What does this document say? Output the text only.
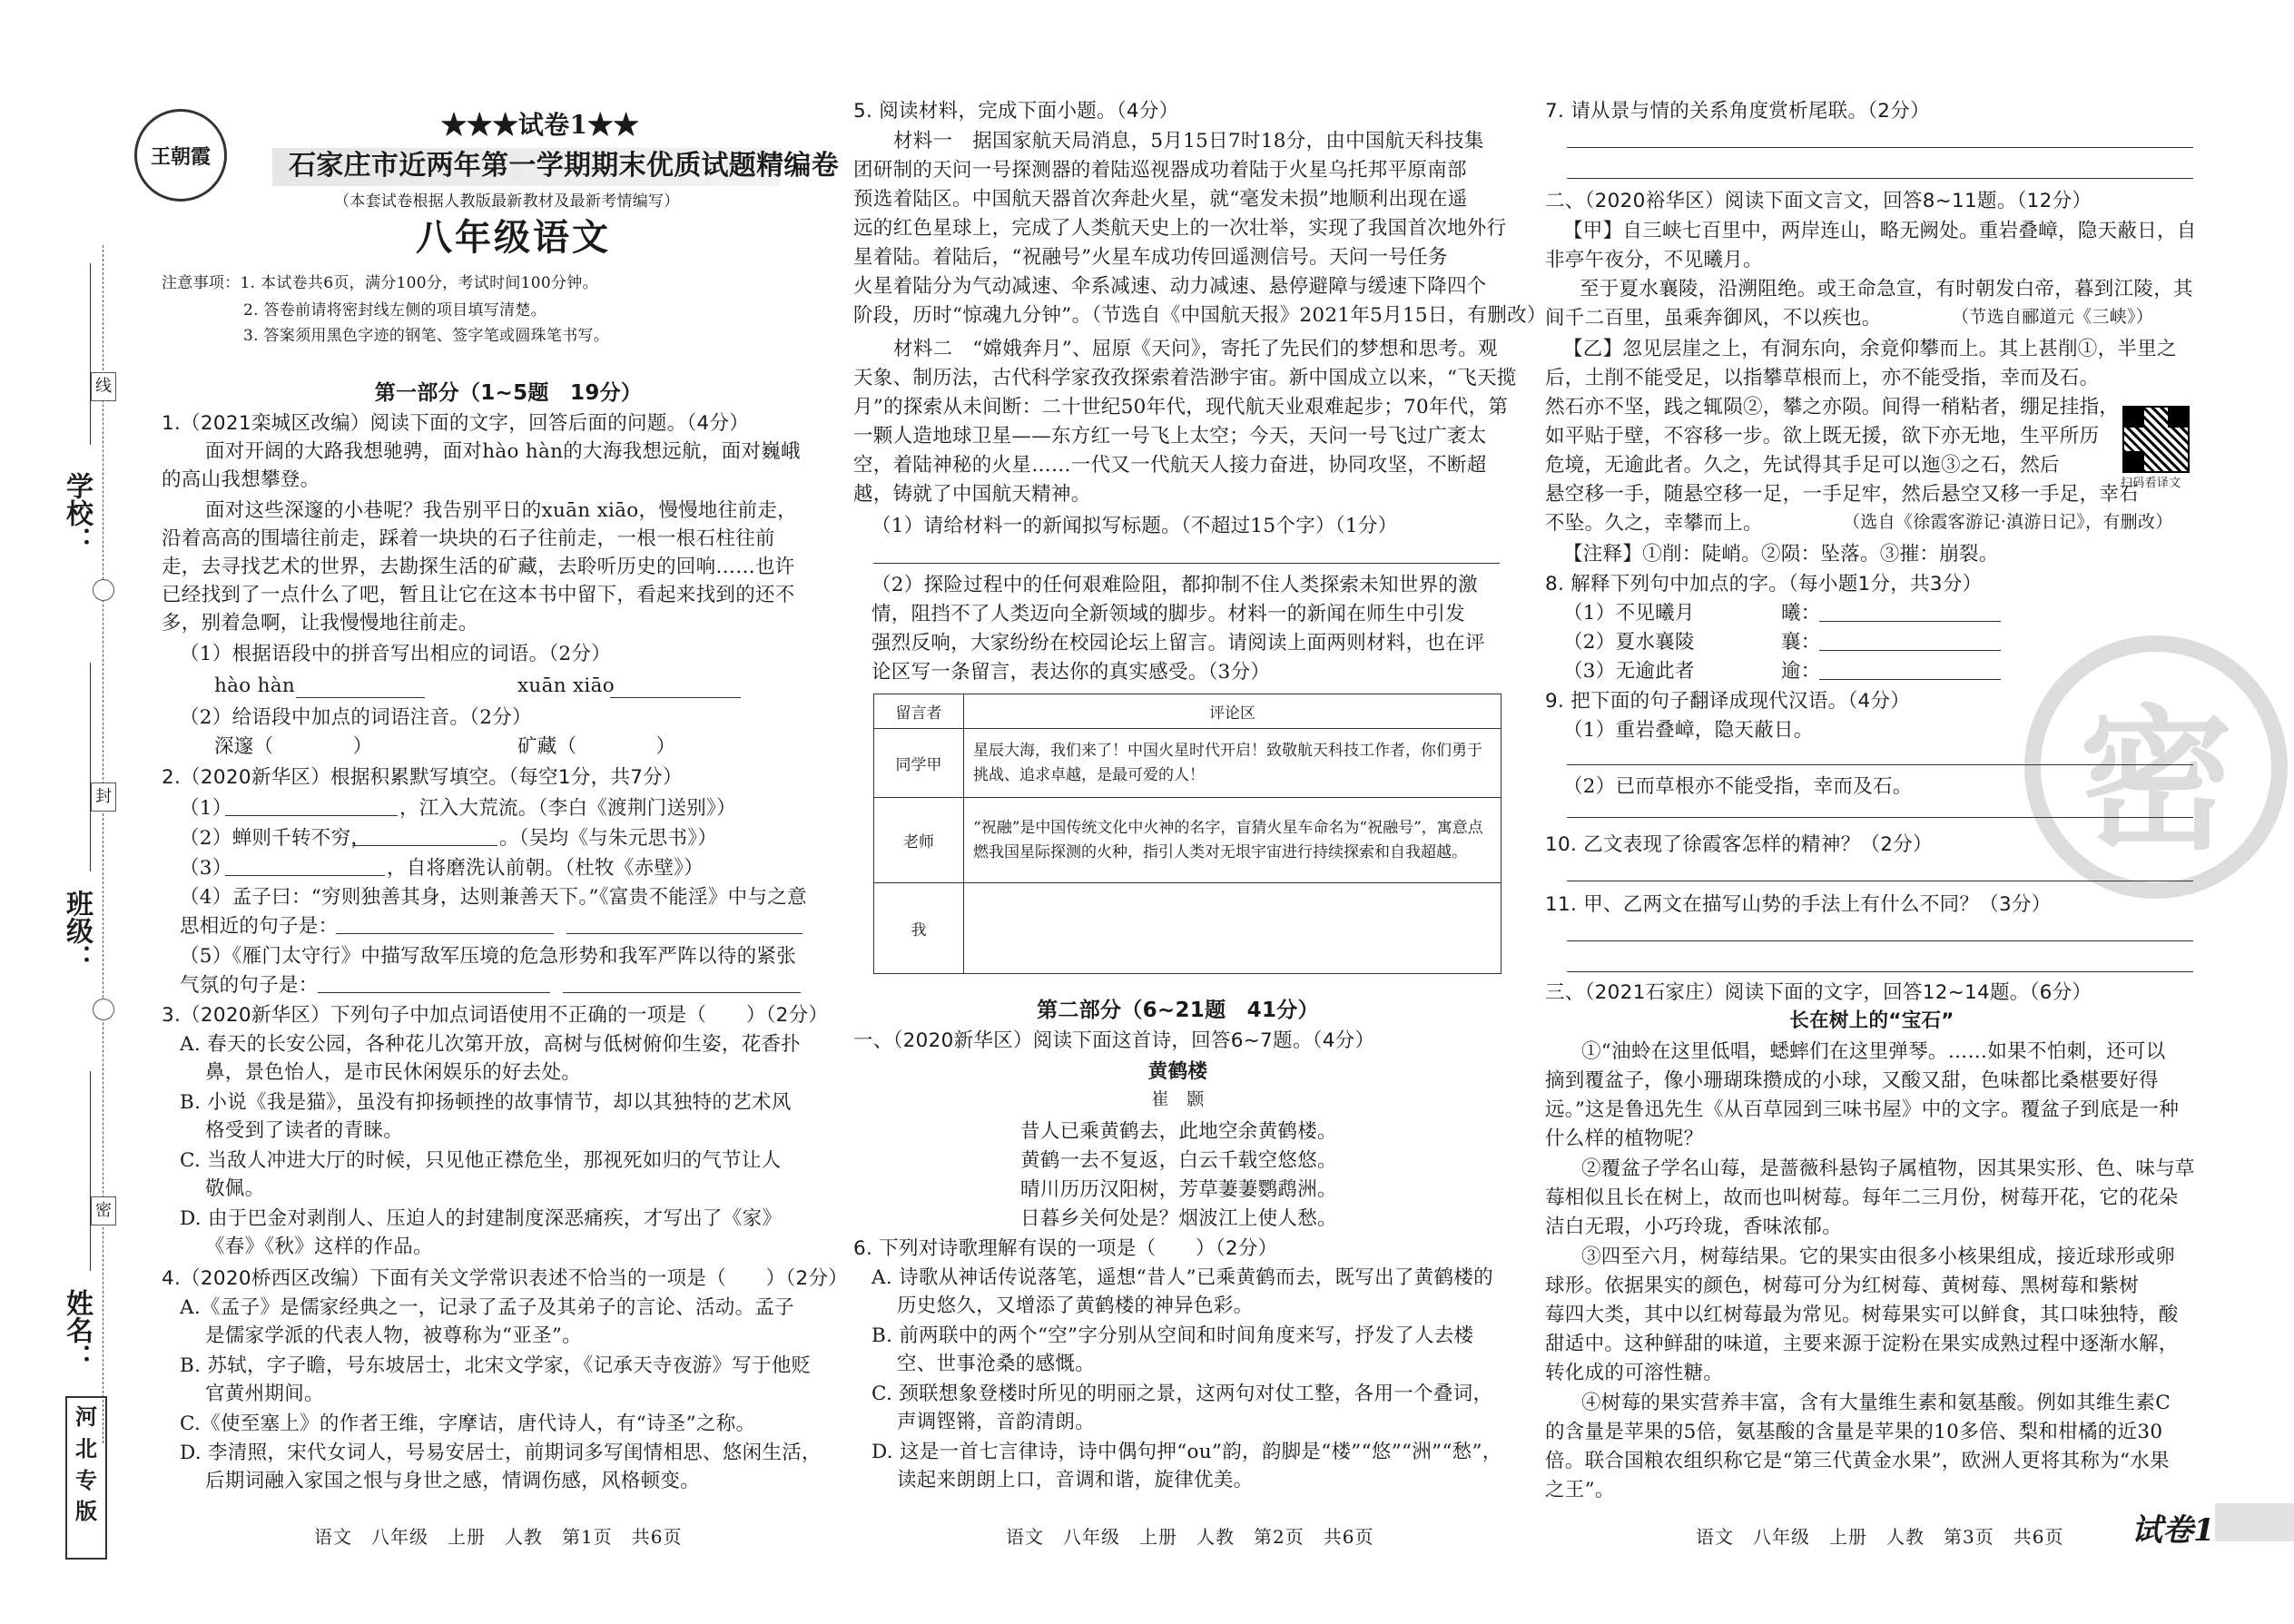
线
封
密
学校：
班级：
姓名：
河
北
专
版
王朝霞
★★★试卷1★★
石家庄市近两年第一学期期末优质试题精编卷
（本套试卷根据人教版最新教材及最新考情编写）
八年级语文
注意事项：1. 本试卷共6页，满分100分，考试时间100分钟。
2. 答卷前请将密封线左侧的项目填写清楚。
3. 答案须用黑色字迹的钢笔、签字笔或圆珠笔书写。
第一部分（1~5题　19分）
1.（2021栾城区改编）阅读下面的文字，回答后面的问题。（4分）
面对开阔的大路我想驰骋，面对hào hàn的大海我想远航，面对巍峨
的高山我想攀登。
面对这些深邃的小巷呢？我告别平日的xuān xiāo，慢慢地往前走，
沿着高高的围墙往前走，踩着一块块的石子往前走，一根一根石柱往前
走，去寻找艺术的世界，去勘探生活的矿藏，去聆听历史的回响……也许
已经找到了一点什么了吧，暂且让它在这本书中留下，看起来找到的还不
多，别着急啊，让我慢慢地往前走。
（1）根据语段中的拼音写出相应的词语。（2分）
hào hàn	xuān xiāo
（2）给语段中加点的词语注音。（2分）
深邃（　　　　）	矿藏（　　　　）
2.（2020新华区）根据积累默写填空。（每空1分，共7分）
（1）	，江入大荒流。（李白《渡荆门送别》）
（2）蝉则千转不穷，	。（吴均《与朱元思书》）
（3）	，自将磨洗认前朝。（杜牧《赤壁》）
（4）孟子曰：“穷则独善其身，达则兼善天下。”《富贵不能淫》中与之意
思相近的句子是：
（5）《雁门太守行》中描写敌军压境的危急形势和我军严阵以待的紧张
气氛的句子是：
3.（2020新华区）下列句子中加点词语使用不正确的一项是（　　）（2分）
A. 春天的长安公园，各种花儿次第开放，高树与低树俯仰生姿，花香扑
鼻，景色怡人，是市民休闲娱乐的好去处。
B. 小说《我是猫》，虽没有抑扬顿挫的故事情节，却以其独特的艺术风
格受到了读者的青睐。
C. 当敌人冲进大厅的时候，只见他正襟危坐，那视死如归的气节让人
敬佩。
D. 由于巴金对剥削人、压迫人的封建制度深恶痛疾，才写出了《家》
《春》《秋》这样的作品。
4.（2020桥西区改编）下面有关文学常识表述不恰当的一项是（　　）（2分）
A.《孟子》是儒家经典之一，记录了孟子及其弟子的言论、活动。孟子
是儒家学派的代表人物，被尊称为“亚圣”。
B. 苏轼，字子瞻，号东坡居士，北宋文学家，《记承天寺夜游》写于他贬
官黄州期间。
C.《使至塞上》的作者王维，字摩诘，唐代诗人，有“诗圣”之称。
D. 李清照，宋代女词人，号易安居士，前期词多写闺情相思、悠闲生活，
后期词融入家国之恨与身世之感，情调伤感，风格顿变。
5. 阅读材料，完成下面小题。（4分）
材料一　据国家航天局消息，5月15日7时18分，由中国航天科技集
团研制的天问一号探测器的着陆巡视器成功着陆于火星乌托邦平原南部
预选着陆区。中国航天器首次奔赴火星，就“毫发未损”地顺利出现在遥
远的红色星球上，完成了人类航天史上的一次壮举，实现了我国首次地外行
星着陆。着陆后，“祝融号”火星车成功传回遥测信号。天问一号任务
火星着陆分为气动减速、伞系减速、动力减速、悬停避障与缓速下降四个
阶段，历时“惊魂九分钟”。（节选自《中国航天报》2021年5月15日，有删改）
材料二　“嫦娥奔月”、屈原《天问》，寄托了先民们的梦想和思考。观
天象、制历法，古代科学家孜孜探索着浩渺宇宙。新中国成立以来，“飞天揽
月”的探索从未间断：二十世纪50年代，现代航天业艰难起步；70年代，第
一颗人造地球卫星——东方红一号飞上太空；今天，天问一号飞过广袤太
空，着陆神秘的火星……一代又一代航天人接力奋进，协同攻坚，不断超
越，铸就了中国航天精神。
（1）请给材料一的新闻拟写标题。（不超过15个字）（1分）
（2）探险过程中的任何艰难险阻，都抑制不住人类探索未知世界的激
情，阻挡不了人类迈向全新领域的脚步。材料一的新闻在师生中引发
强烈反响，大家纷纷在校园论坛上留言。请阅读上面两则材料，也在评
论区写一条留言，表达你的真实感受。（3分）
留言者	评论区
同学甲	星辰大海，我们来了！中国火星时代开启！致敬航天科技工作者，你们勇于挑战、追求卓越，是最可爱的人！
老师	“祝融”是中国传统文化中火神的名字，盲猜火星车命名为“祝融号”，寓意点燃我国星际探测的火种，指引人类对无垠宇宙进行持续探索和自我超越。
我	
第二部分（6~21题　41分）
一、（2020新华区）阅读下面这首诗，回答6~7题。（4分）
黄鹤楼
崔　颢
昔人已乘黄鹤去，此地空余黄鹤楼。
黄鹤一去不复返，白云千载空悠悠。
晴川历历汉阳树，芳草萋萋鹦鹉洲。
日暮乡关何处是？烟波江上使人愁。
6. 下列对诗歌理解有误的一项是（　　）（2分）
A. 诗歌从神话传说落笔，遥想“昔人”已乘黄鹤而去，既写出了黄鹤楼的
历史悠久，又增添了黄鹤楼的神异色彩。
B. 前两联中的两个“空”字分别从空间和时间角度来写，抒发了人去楼
空、世事沧桑的感慨。
C. 颈联想象登楼时所见的明丽之景，这两句对仗工整，各用一个叠词，
声调铿锵，音韵清朗。
D. 这是一首七言律诗，诗中偶句押“ou”韵，韵脚是“楼”“悠”“洲”“愁”，
读起来朗朗上口，音调和谐，旋律优美。
密
7. 请从景与情的关系角度赏析尾联。（2分）
二、（2020裕华区）阅读下面文言文，回答8~11题。（12分）
【甲】自三峡七百里中，两岸连山，略无阙处。重岩叠嶂，隐天蔽日，自
非亭午夜分，不见曦月。
至于夏水襄陵，沿溯阻绝。或王命急宣，有时朝发白帝，暮到江陵，其
间千二百里，虽乘奔御风，不以疾也。	（节选自郦道元《三峡》）
【乙】忽见层崖之上，有洞东向，余竟仰攀而上。其上甚削①，半里之
后，土削不能受足，以指攀草根而上，亦不能受指，幸而及石。
然石亦不坚，践之辄陨②，攀之亦陨。间得一稍粘者，绷足挂指，
如平贴于壁，不容移一步。欲上既无援，欲下亦无地，生平所历
危境，无逾此者。久之，先试得其手足可以迤③之石，然后
悬空移一手，随悬空移一足，一手足牢，然后悬空又移一手足，幸石
不坠。久之，幸攀而上。	（选自《徐霞客游记·滇游日记》，有删改）
扫码看译文
【注释】①削：陡峭。②陨：坠落。③摧：崩裂。
8. 解释下列句中加点的字。（每小题1分，共3分）
（1）不见曦月	曦：
（2）夏水襄陵	襄：
（3）无逾此者	逾：
9. 把下面的句子翻译成现代汉语。（4分）
（1）重岩叠嶂，隐天蔽日。
（2）已而草根亦不能受指，幸而及石。
10. 乙文表现了徐霞客怎样的精神？（2分）
11. 甲、乙两文在描写山势的手法上有什么不同？（3分）
三、（2021石家庄）阅读下面的文字，回答12~14题。（6分）
长在树上的“宝石”
①“油蛉在这里低唱，蟋蟀们在这里弹琴。……如果不怕刺，还可以
摘到覆盆子，像小珊瑚珠攒成的小球，又酸又甜，色味都比桑椹要好得
远。”这是鲁迅先生《从百草园到三味书屋》中的文字。覆盆子到底是一种
什么样的植物呢？
②覆盆子学名山莓，是蔷薇科悬钩子属植物，因其果实形、色、味与草
莓相似且长在树上，故而也叫树莓。每年二三月份，树莓开花，它的花朵
洁白无瑕，小巧玲珑，香味浓郁。
③四至六月，树莓结果。它的果实由很多小核果组成，接近球形或卵
球形。依据果实的颜色，树莓可分为红树莓、黄树莓、黑树莓和紫树
莓四大类，其中以红树莓最为常见。树莓果实可以鲜食，其口味独特，酸
甜适中。这种鲜甜的味道，主要来源于淀粉在果实成熟过程中逐渐水解，
转化成的可溶性糖。
④树莓的果实营养丰富，含有大量维生素和氨基酸。例如其维生素C
的含量是苹果的5倍，氨基酸的含量是苹果的10多倍、梨和柑橘的近30
倍。联合国粮农组织称它是“第三代黄金水果”，欧洲人更将其称为“水果
之王”。
语文　八年级　上册　人教　第1页　共6页	语文　八年级　上册　人教　第2页　共6页	语文　八年级　上册　人教　第3页　共6页 试卷1
